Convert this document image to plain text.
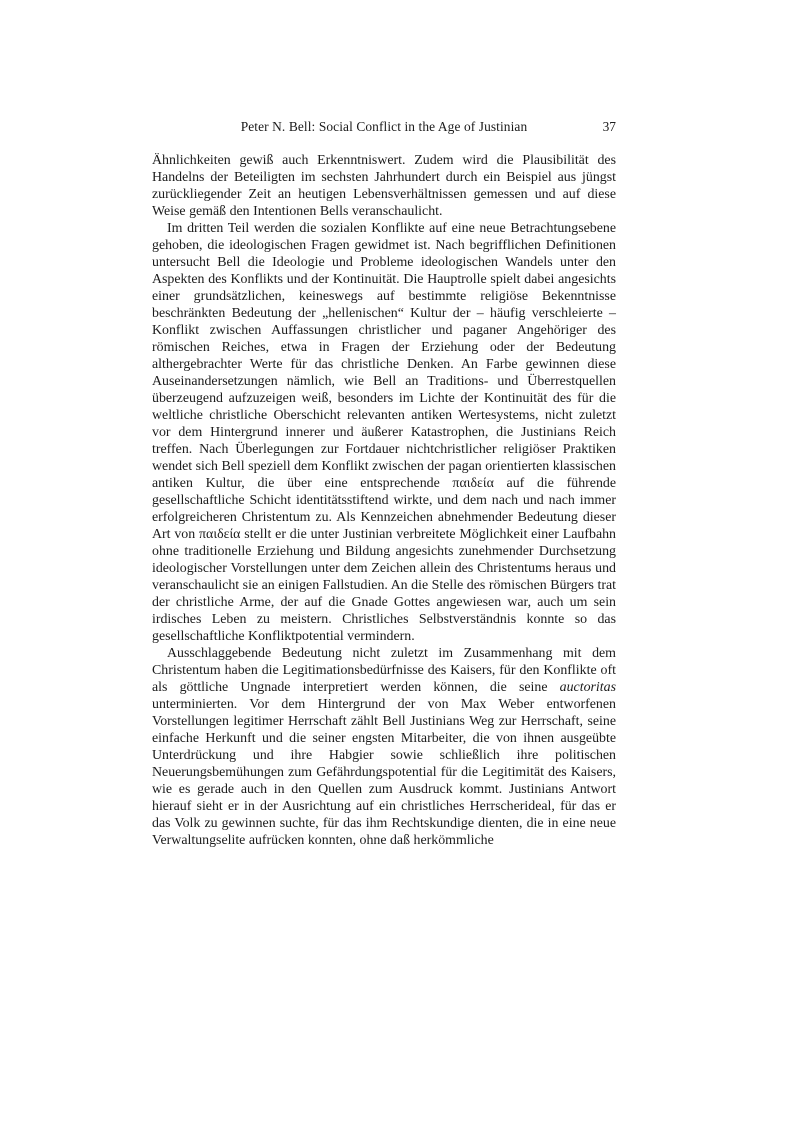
Peter N. Bell: Social Conflict in the Age of Justinian	37

Ähnlichkeiten gewiß auch Erkenntniswert. Zudem wird die Plausibilität des Handelns der Beteiligten im sechsten Jahrhundert durch ein Beispiel aus jüngst zurückliegender Zeit an heutigen Lebensverhältnissen gemessen und auf diese Weise gemäß den Intentionen Bells veranschaulicht.

Im dritten Teil werden die sozialen Konflikte auf eine neue Betrachtungsebene gehoben, die ideologischen Fragen gewidmet ist. Nach begrifflichen Definitionen untersucht Bell die Ideologie und Probleme ideologischen Wandels unter den Aspekten des Konflikts und der Kontinuität. Die Hauptrolle spielt dabei angesichts einer grundsätzlichen, keineswegs auf bestimmte religiöse Bekenntnisse beschränkten Bedeutung der „hellenischen“ Kultur der – häufig verschleierte – Konflikt zwischen Auffassungen christlicher und paganer Angehöriger des römischen Reiches, etwa in Fragen der Erziehung oder der Bedeutung althergebrachter Werte für das christliche Denken. An Farbe gewinnen diese Auseinandersetzungen nämlich, wie Bell an Traditions- und Überrestquellen überzeugend aufzuzeigen weiß, besonders im Lichte der Kontinuität des für die weltliche christliche Oberschicht relevanten antiken Wertesystems, nicht zuletzt vor dem Hintergrund innerer und äußerer Katastrophen, die Justinians Reich treffen. Nach Überlegungen zur Fortdauer nichtchristlicher religiöser Praktiken wendet sich Bell speziell dem Konflikt zwischen der pagan orientierten klassischen antiken Kultur, die über eine entsprechende παιδεία auf die führende gesellschaftliche Schicht identitätsstiftend wirkte, und dem nach und nach immer erfolgreicheren Christentum zu. Als Kennzeichen abnehmender Bedeutung dieser Art von παιδεία stellt er die unter Justinian verbreitete Möglichkeit einer Laufbahn ohne traditionelle Erziehung und Bildung angesichts zunehmender Durchsetzung ideologischer Vorstellungen unter dem Zeichen allein des Christentums heraus und veranschaulicht sie an einigen Fallstudien. An die Stelle des römischen Bürgers trat der christliche Arme, der auf die Gnade Gottes angewiesen war, auch um sein irdisches Leben zu meistern. Christliches Selbstverständnis konnte so das gesellschaftliche Konfliktpotential vermindern.

Ausschlaggebende Bedeutung nicht zuletzt im Zusammenhang mit dem Christentum haben die Legitimationsbedürfnisse des Kaisers, für den Konflikte oft als göttliche Ungnade interpretiert werden können, die seine auctoritas unterminierten. Vor dem Hintergrund der von Max Weber entworfenen Vorstellungen legitimer Herrschaft zählt Bell Justinians Weg zur Herrschaft, seine einfache Herkunft und die seiner engsten Mitarbeiter, die von ihnen ausgeübte Unterdrückung und ihre Habgier sowie schließlich ihre politischen Neuerungsbemühungen zum Gefährdungspotential für die Legitimität des Kaisers, wie es gerade auch in den Quellen zum Ausdruck kommt. Justinians Antwort hierauf sieht er in der Ausrichtung auf ein christliches Herrscherideal, für das er das Volk zu gewinnen suchte, für das ihm Rechtskundige dienten, die in eine neue Verwaltungselite aufrücken konnten, ohne daß herkömmliche
